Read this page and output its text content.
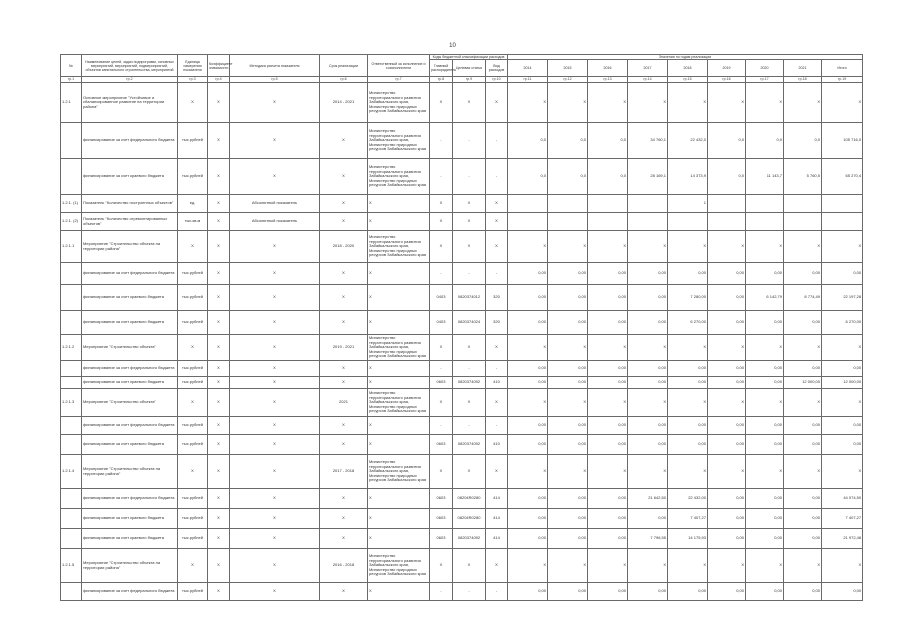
10
№	Наименование целей, задач подпрограмм, основных мероприятий, мероприятий, подмероприятий, объектов капитального строительства, мероприятий	Единица измерения показателя	Коэффициент значимости	Методика расчета показателя	Срок реализации	Ответственный за исполнение и соисполнители	Коды бюджетной классификации расходов			Значения по годам реализации								
							Главный распорядитель	Целевая статья	Вид расходов	2014	2015	2016	2017	2018	2019	2020	2021	Итого
гр.1	гр.2	гр.3	гр.4	гр.5	гр.6	гр.7	гр.8	гр.9	гр.10	гр.11	гр.12	гр.13	гр.14	гр.15	гр.16	гр.17	гр.18	гр.19
1.2.1	Основное мероприятие "Устойчивое и сбалансированное развитие на территории района"	Х	Х	Х	2014 - 2021	Министерство территориального развития Забайкальского края, Министерство природных ресурсов Забайкальского края	Х	Х	Х	Х	Х	Х	Х	Х	Х	Х	Х	Х
	финансирование за счет федерального бюджета	тыс.рублей	Х	Х	Х	Министерство территориального развития Забайкальского края, Министерство природных ресурсов Забайкальского края	-	-	-	0,0	0,0	0,0	34 760,1	22 432,0	0,0	0,0	0,0	105 716,0
	финансирование за счет краевого бюджета	тыс.рублей	Х	Х	Х	Министерство территориального развития Забайкальского края, Министерство природных ресурсов Забайкальского края	-	-	-	0,0	0,0	0,0	28 169,1	14 373,9	0,0	11 143,7	5 760,5	65 270,4
1.2.1. (1)	Показатель "Количество построенных объектов"	ед.	Х	Абсолютный показатель	Х	Х	Х	Х	Х					1				
1.2.1. (2)	Показатель "Количество отремонтированных объектов"	тыс.кв.м	Х	Абсолютный показатель	Х	Х	Х	Х	Х									
1.2.1.1	Мероприятие "Строительство объекта на территории района"	Х	Х	Х	2018 - 2020	Министерство территориального развития Забайкальского края, Министерство природных ресурсов Забайкальского края	Х	Х	Х	Х	Х	Х	Х	Х	Х	Х	Х	Х
	финансирование за счет федерального бюджета	тыс.рублей	Х	Х	Х	Х	-	-	-	0,00	0,00	0,00	0,00	0,00	0,00	0,00	0,00	0,00
	финансирование за счет краевого бюджета	тыс.рублей	Х	Х	Х	Х	0403	0820374012	320	0,00	0,00	0,00	0,00	7 280,00	0,00	6 142,79	8 774,49	22 197,28
	финансирование за счет краевого бюджета	тыс.рублей	Х	Х	Х	Х	0403	0820374024	320	0,00	0,00	0,00	0,00	6 270,00	0,00	0,00	0,00	6 270,00
1.2.1.2	Мероприятие "Строительство объекта"	Х	Х	Х	2019 - 2021	Министерство территориального развития Забайкальского края, Министерство природных ресурсов Забайкальского края	Х	Х	Х	Х	Х	Х	Х	Х	Х	Х	Х	Х
	финансирование за счет федерального бюджета	тыс.рублей	Х	Х	Х	Х	-	-	-	0,00	0,00	0,00	0,00	0,00	0,00	0,00	0,00	0,00
	финансирование за счет краевого бюджета	тыс.рублей	Х	Х	Х	Х	0603	0820374092	410	0,00	0,00	0,00	0,00	0,00	0,00	0,00	12 000,00	12 000,00
1.2.1.3	Мероприятие "Строительство объекта"	Х	Х	Х	2021	Министерство территориального развития Забайкальского края, Министерство природных ресурсов Забайкальского края	Х	Х	Х	Х	Х	Х	Х	Х	Х	Х	Х	Х
	финансирование за счет федерального бюджета	тыс.рублей	Х	Х	Х	Х	-	-	-	0,00	0,00	0,00	0,00	0,00	0,00	0,00	0,00	0,00
	финансирование за счет краевого бюджета	тыс.рублей	Х	Х	Х	Х	0603	0820374092	410	0,00	0,00	0,00	0,00	0,00	0,00	0,00	0,00	0,00
1.2.1.4	Мероприятие "Строительство объекта на территории района"	Х	Х	Х	2017 - 2018	Министерство территориального развития Забайкальского края, Министерство природных ресурсов Забайкальского края	Х	Х	Х	Х	Х	Х	Х	Х	Х	Х	Х	Х
	финансирование за счет федерального бюджета	тыс.рублей	Х	Х	Х	Х	0603	08204R0280	414	0,00	0,00	0,00	21 642,50	22 432,00	0,00	0,00	0,00	44 074,50
	финансирование за счет краевого бюджета	тыс.рублей	Х	Х	Х	Х	0603	08204R0280	414	0,00	0,00	0,00	0,00	7 407,27	0,00	0,00	0,00	7 407,27
	финансирование за счет краевого бюджета	тыс.рублей	Х	Х	Х	Х	0603	0820374092	414	0,00	0,00	0,00	7 796,55	14 175,93	0,00	0,00	0,00	21 972,48
1.2.1.5	Мероприятие "Строительство объекта на территории района"	Х	Х	Х	2016 - 2018	Министерство территориального развития Забайкальского края, Министерство природных ресурсов Забайкальского края	Х	Х	Х	Х	Х	Х	Х	Х	Х	Х	Х	Х
	финансирование за счет федерального бюджета	тыс.рублей	Х	Х	Х	Х	-	-	-	0,00	0,00	0,00	0,00	0,00	0,00	0,00	0,00	0,00
